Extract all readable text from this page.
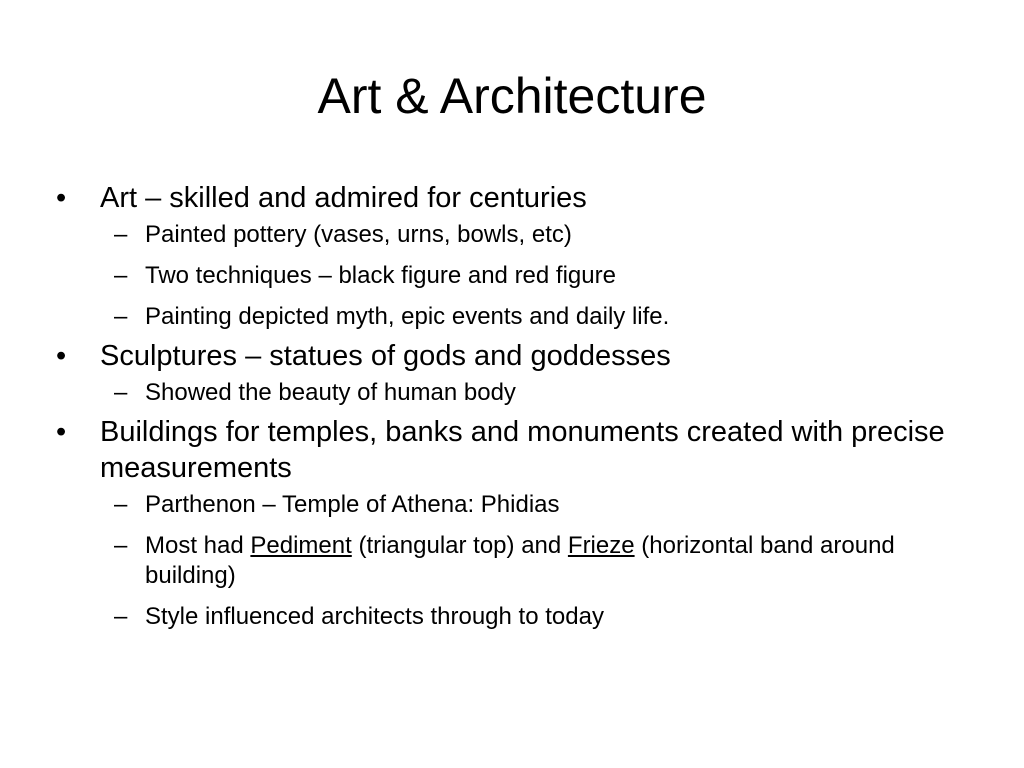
Art & Architecture
•	Art – skilled and admired for centuries
– Painted pottery (vases, urns, bowls, etc)
– Two techniques – black figure and red figure
– Painting depicted myth, epic events and daily life.
•	Sculptures – statues of gods and goddesses
– Showed the beauty of human body
•	Buildings for temples, banks and monuments created with precise measurements
– Parthenon – Temple of Athena: Phidias
– Most had Pediment (triangular top) and Frieze (horizontal band around building)
– Style influenced architects through to today
